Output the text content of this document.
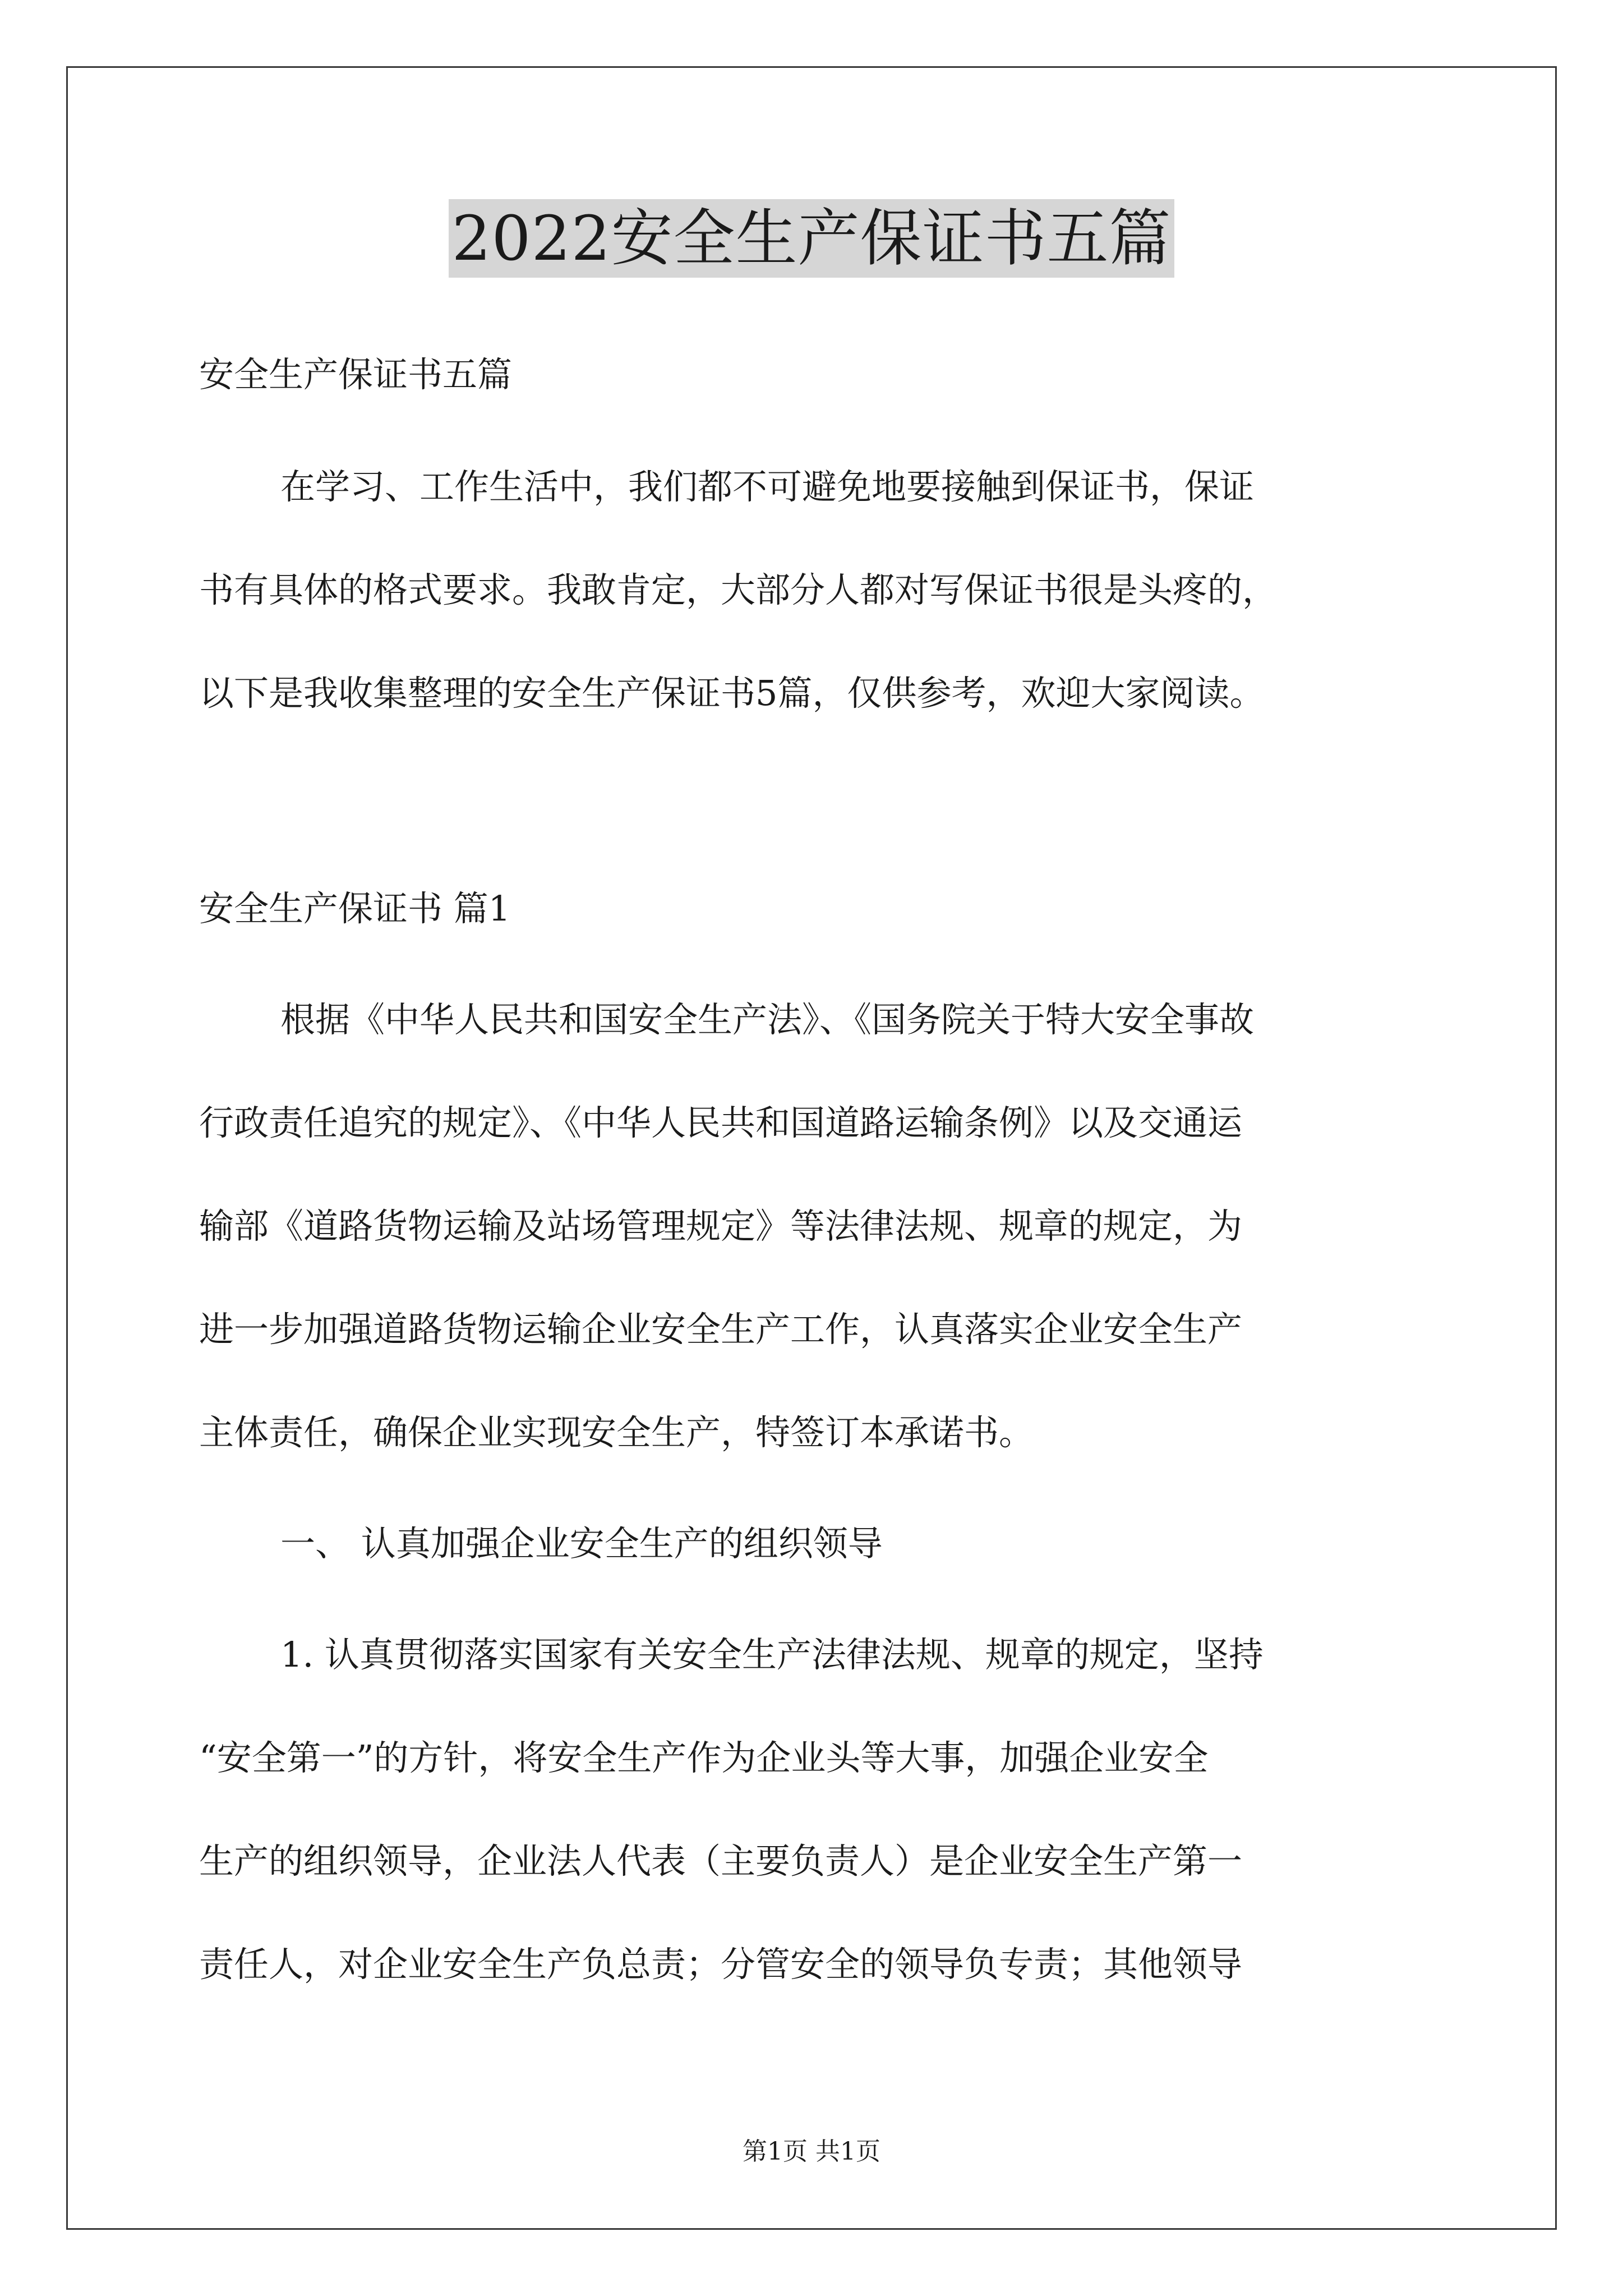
2022安全生产保证书五篇
安全生产保证书五篇
在学习、工作生活中，我们都不可避免地要接触到保证书，保证
书有具体的格式要求。我敢肯定，大部分人都对写保证书很是头疼的，
以下是我收集整理的安全生产保证书5篇，仅供参考，欢迎大家阅读。
安全生产保证书 篇1
根据《中华人民共和国安全生产法》、《国务院关于特大安全事故
行政责任追究的规定》、《中华人民共和国道路运输条例》以及交通运
输部《道路货物运输及站场管理规定》等法律法规、规章的规定，为
进一步加强道路货物运输企业安全生产工作，认真落实企业安全生产
主体责任，确保企业实现安全生产，特签订本承诺书。
一、 认真加强企业安全生产的组织领导
1. 认真贯彻落实国家有关安全生产法律法规、规章的规定，坚持
“安全第一”的方针，将安全生产作为企业头等大事，加强企业安全
生产的组织领导，企业法人代表（主要负责人）是企业安全生产第一
责任人，对企业安全生产负总责；分管安全的领导负专责；其他领导
第1页 共1页
